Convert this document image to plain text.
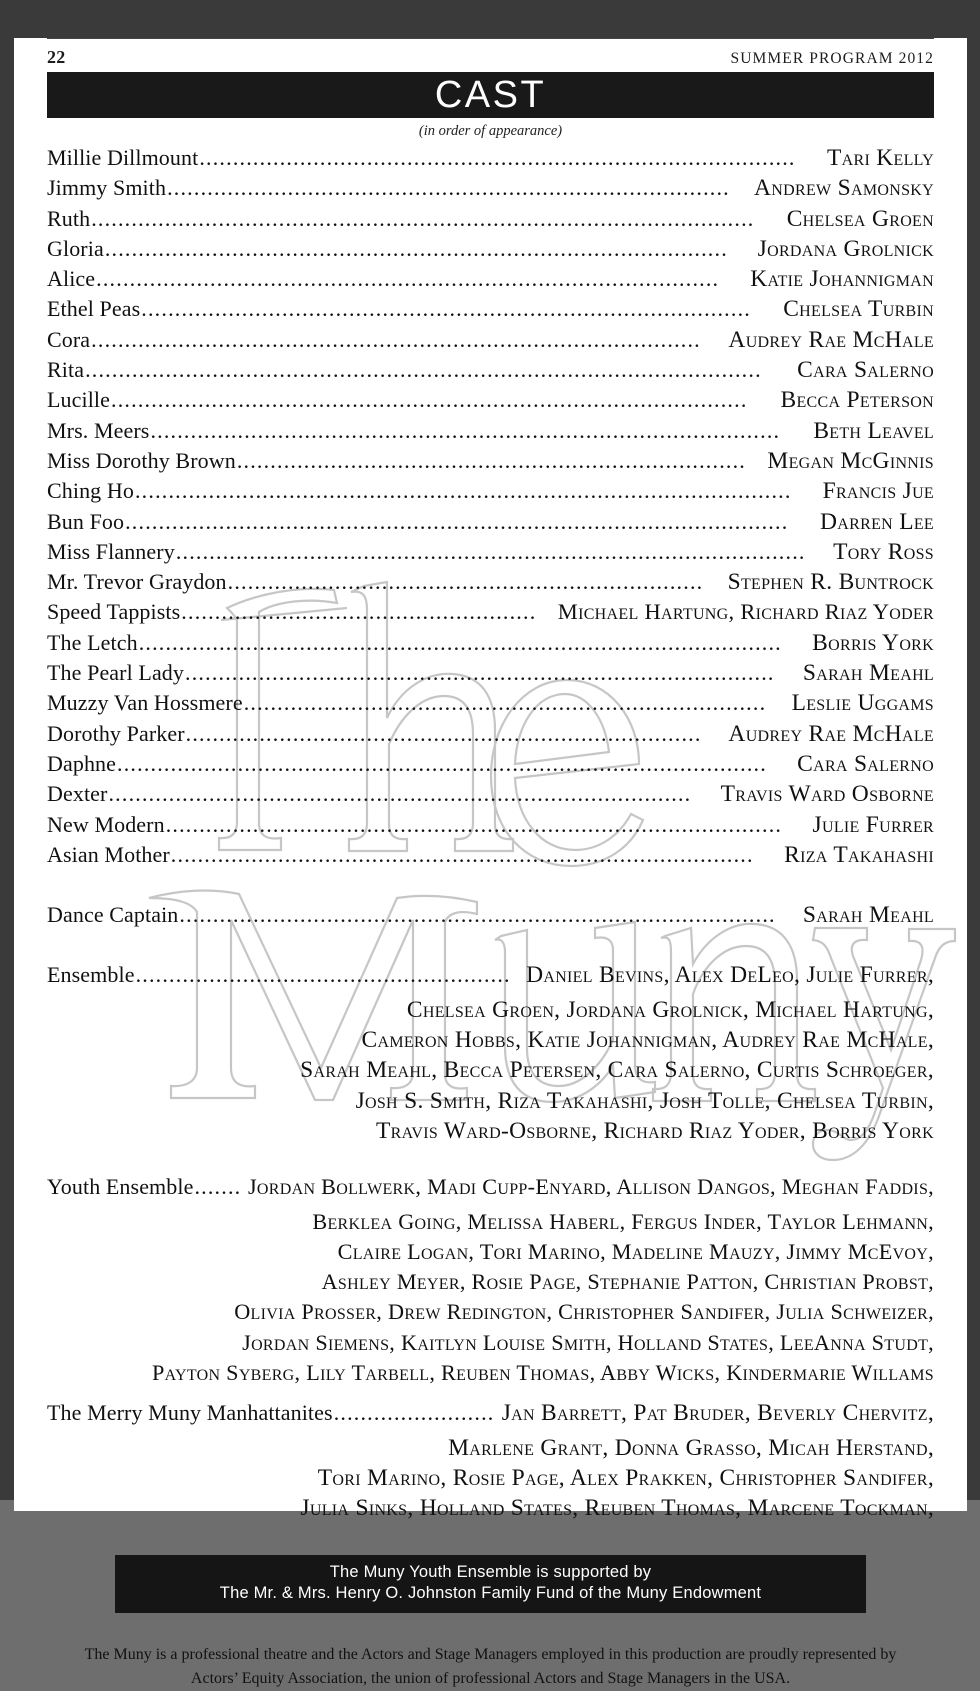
22	SUMMER PROGRAM 2012
CAST
(in order of appearance)
Millie Dillmount .........................................................................................	Tari Kelly
Jimmy Smith ....................................................................................	Andrew Samonsky
Ruth ...................................................................................................	Chelsea Groen
Gloria .............................................................................................	Jordana Grolnick
Alice .............................................................................................	Katie Johannigman
Ethel Peas ...........................................................................................	Chelsea Turbin
Cora ...........................................................................................	Audrey Rae McHale
Rita .....................................................................................................	Cara Salerno
Lucille ...............................................................................................	Becca Peterson
Mrs. Meers ..............................................................................................	Beth Leavel
Miss Dorothy Brown ............................................................................ Megan McGinnis
Ching Ho ..................................................................................................	Francis Jue
Bun Foo ...................................................................................................	Darren Lee
Miss Flannery ..............................................................................................	Tory Ross
Mr. Trevor Graydon .......................................................................	Stephen R. Buntrock
Speed Tappists ..................................................... Michael Hartung, Richard Riaz Yoder
The Letch ................................................................................................	Borris York
The Pearl Lady ........................................................................................	Sarah Meahl
Muzzy Van Hossmere ..............................................................................	Leslie Uggams
Dorothy Parker .............................................................................	Audrey Rae McHale
Daphne .................................................................................................	Cara Salerno
Dexter .......................................................................................	Travis Ward Osborne
New Modern ............................................................................................	Julie Furrer
Asian Mother .......................................................................................	Riza Takahashi
Dance Captain .........................................................................................	Sarah Meahl
Ensemble ........................................................ Daniel Bevins, Alex DeLeo, Julie Furrer,
Chelsea Groen, Jordana Grolnick, Michael Hartung,
Cameron Hobbs, Katie Johannigman, Audrey Rae McHale,
Sarah Meahl, Becca Petersen, Cara Salerno, Curtis Schroeger,
Josh S. Smith, Riza Takahashi, Josh Tolle, Chelsea Turbin,
Travis Ward-Osborne, Richard Riaz Yoder, Borris York
Youth Ensemble ....... Jordan Bollwerk, Madi Cupp-Enyard, Allison Dangos, Meghan Faddis,
Berklea Going, Melissa Haberl, Fergus Inder, Taylor Lehmann,
Claire Logan, Tori Marino, Madeline Mauzy, Jimmy McEvoy,
Ashley Meyer, Rosie Page, Stephanie Patton, Christian Probst,
Olivia Prosser, Drew Redington, Christopher Sandifer, Julia Schweizer,
Jordan Siemens, Kaitlyn Louise Smith, Holland States, LeeAnna Studt,
Payton Syberg, Lily Tarbell, Reuben Thomas, Abby Wicks, Kindermarie Willams
The Merry Muny Manhattanites ........................ Jan Barrett, Pat Bruder, Beverly Chervitz,
Marlene Grant, Donna Grasso, Micah Herstand,
Tori Marino, Rosie Page, Alex Prakken, Christopher Sandifer,
Julia Sinks, Holland States, Reuben Thomas, Marcene Tockman,
The Muny Youth Ensemble is supported by
The Mr. & Mrs. Henry O. Johnston Family Fund of the Muny Endowment
The Muny is a professional theatre and the Actors and Stage Managers employed in this production are proudly represented by
Actors’ Equity Association, the union of professional Actors and Stage Managers in the USA.
